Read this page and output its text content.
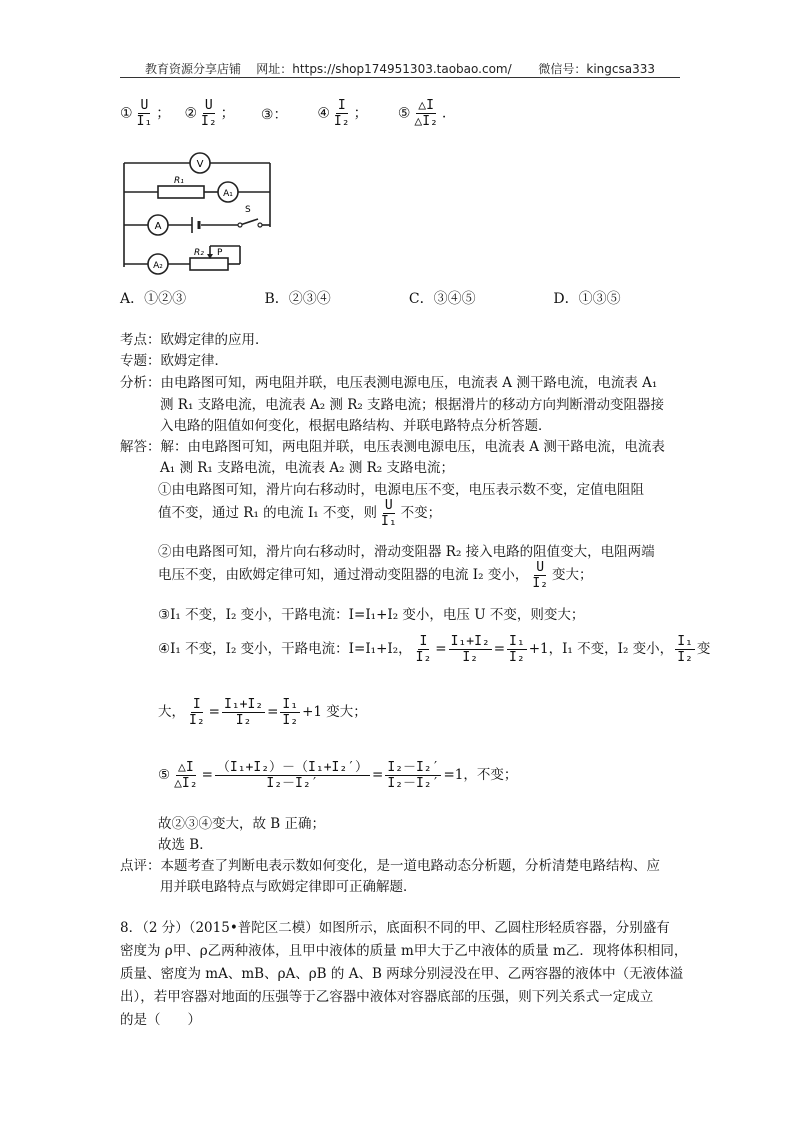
教育资源分享店铺 网址：https://shop174951303.taobao.com/ 微信号：kingcsa333
① $\frac{U}{\text{I₁}}$ ； ② $\frac{U}{\text{I₂}}$ ； ③： ④ $\frac{I}{\text{I₂}}$ ； ⑤ $\frac{\triangle I}{\text{△I₂}}$ .
V
A₁
A
A₂
R₁
S
R₂ P
A．①②③	B．②③④	C．③④⑤	D．①③⑤
考点：欧姆定律的应用．
专题：欧姆定律．
分析：由电路图可知，两电阻并联，电压表测电源电压，电流表 A 测干路电流，电流表 A₁
测 R₁ 支路电流，电流表 A₂ 测 R₂ 支路电流；根据滑片的移动方向判断滑动变阻器接
入电路的阻值如何变化，根据电路结构、并联电路特点分析答题．
解答：解：由电路图可知，两电阻并联，电压表测电源电压，电流表 A 测干路电流，电流表
A₁ 测 R₁ 支路电流，电流表 A₂ 测 R₂ 支路电流；
①由电路图可知，滑片向右移动时，电源电压不变，电压表示数不变，定值电阻阻
值不变，通过 R₁ 的电流 I₁ 不变，则 $\frac{U}{\text{I₁}}$ 不变；
②由电路图可知，滑片向右移动时，滑动变阻器 R₂ 接入电路的阻值变大，电阻两端
电压不变，由欧姆定律可知，通过滑动变阻器的电流 I₂ 变小， $\frac{U}{\text{I₂}}$ 变大；
③I₁ 不变，I₂ 变小，干路电流：I=I₁+I₂ 变小，电压 U 不变，则变大；
④I₁ 不变，I₂ 变小，干路电流：I=I₁+I₂， $\frac{I}{\text{I₂}} = \frac{\text{I₁+I₂}}{\text{I₂}} = \frac{\text{I₁}}{\text{I₂}} +1$，I₁ 不变，I₂ 变小， $\frac{\text{I₁}}{\text{I₂}}$ 变
大， $\frac{I}{\text{I₂}} = \frac{\text{I₁+I₂}}{\text{I₂}} = \frac{\text{I₁}}{\text{I₂}} +1$ 变大；
⑤ $\frac{\triangle I}{\text{△I₂}} = \frac{\text{（I₁+I₂）－（I₁+I₂′）}}{\text{I₂－I₂′}} = \frac{\text{I₂－I₂′}}{\text{I₂－I₂′}} =1$，不变；
故②③④变大，故 B 正确；
故选 B．
点评：本题考查了判断电表示数如何变化，是一道电路动态分析题，分析清楚电路结构、应
用并联电路特点与欧姆定律即可正确解题．
8．（2 分）（2015•普陀区二模）如图所示，底面积不同的甲、乙圆柱形轻质容器，分别盛有
密度为 ρ甲、ρ乙两种液体，且甲中液体的质量 m甲大于乙中液体的质量 m乙．现将体积相同，
质量、密度为 mA、mB、ρA、ρB 的 A、B 两球分别浸没在甲、乙两容器的液体中（无液体溢
出），若甲容器对地面的压强等于乙容器中液体对容器底部的压强，则下列关系式一定成立
的是（　　）
